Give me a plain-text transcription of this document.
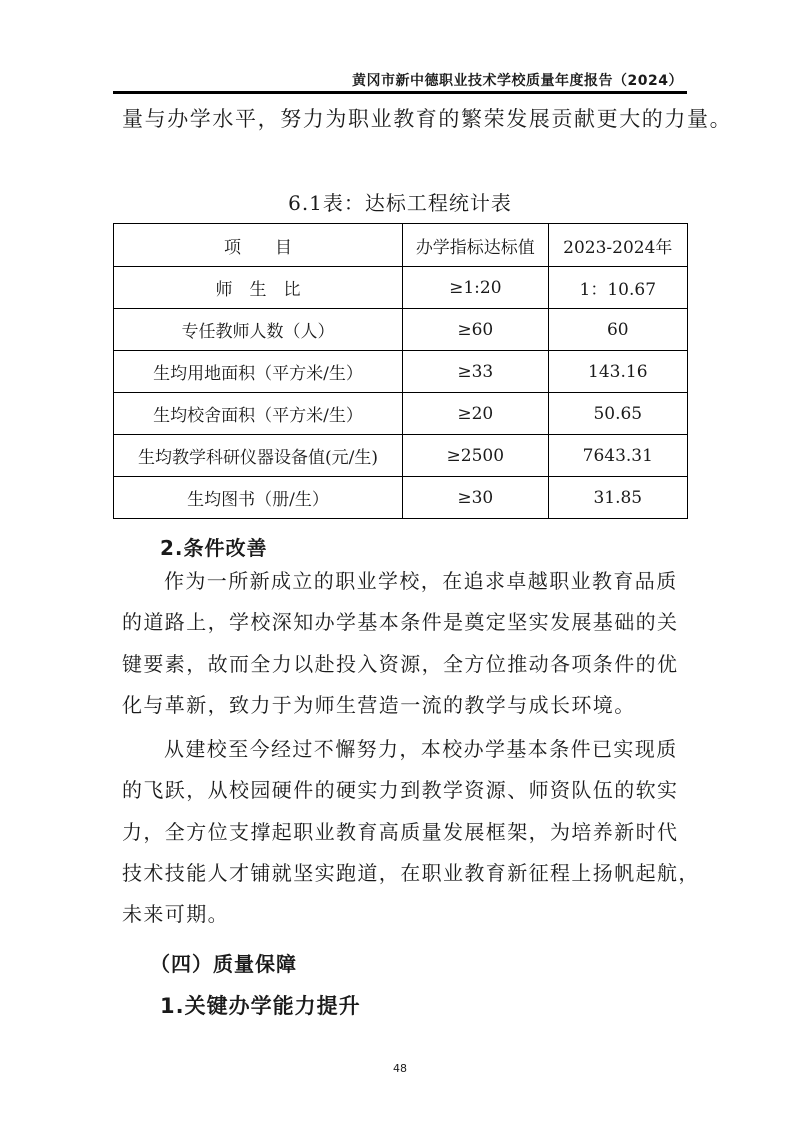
黄冈市新中德职业技术学校质量年度报告（2024）
量与办学水平，努力为职业教育的繁荣发展贡献更大的力量。
6.1表：达标工程统计表
项　　目	办学指标达标值	2023-2024年
师　生　比	≥1:20	1：10.67
专任教师人数（人）	≥60	60
生均用地面积（平方米/生）	≥33	143.16
生均校舍面积（平方米/生）	≥20	50.65
生均教学科研仪器设备值(元/生)	≥2500	7643.31
生均图书（册/生）	≥30	31.85
2.条件改善
作为一所新成立的职业学校，在追求卓越职业教育品质
的道路上，学校深知办学基本条件是奠定坚实发展基础的关
键要素，故而全力以赴投入资源，全方位推动各项条件的优
化与革新，致力于为师生营造一流的教学与成长环境。
从建校至今经过不懈努力，本校办学基本条件已实现质
的飞跃，从校园硬件的硬实力到教学资源、师资队伍的软实
力，全方位支撑起职业教育高质量发展框架，为培养新时代
技术技能人才铺就坚实跑道，在职业教育新征程上扬帆起航，
未来可期。
（四）质量保障
1.关键办学能力提升
48
